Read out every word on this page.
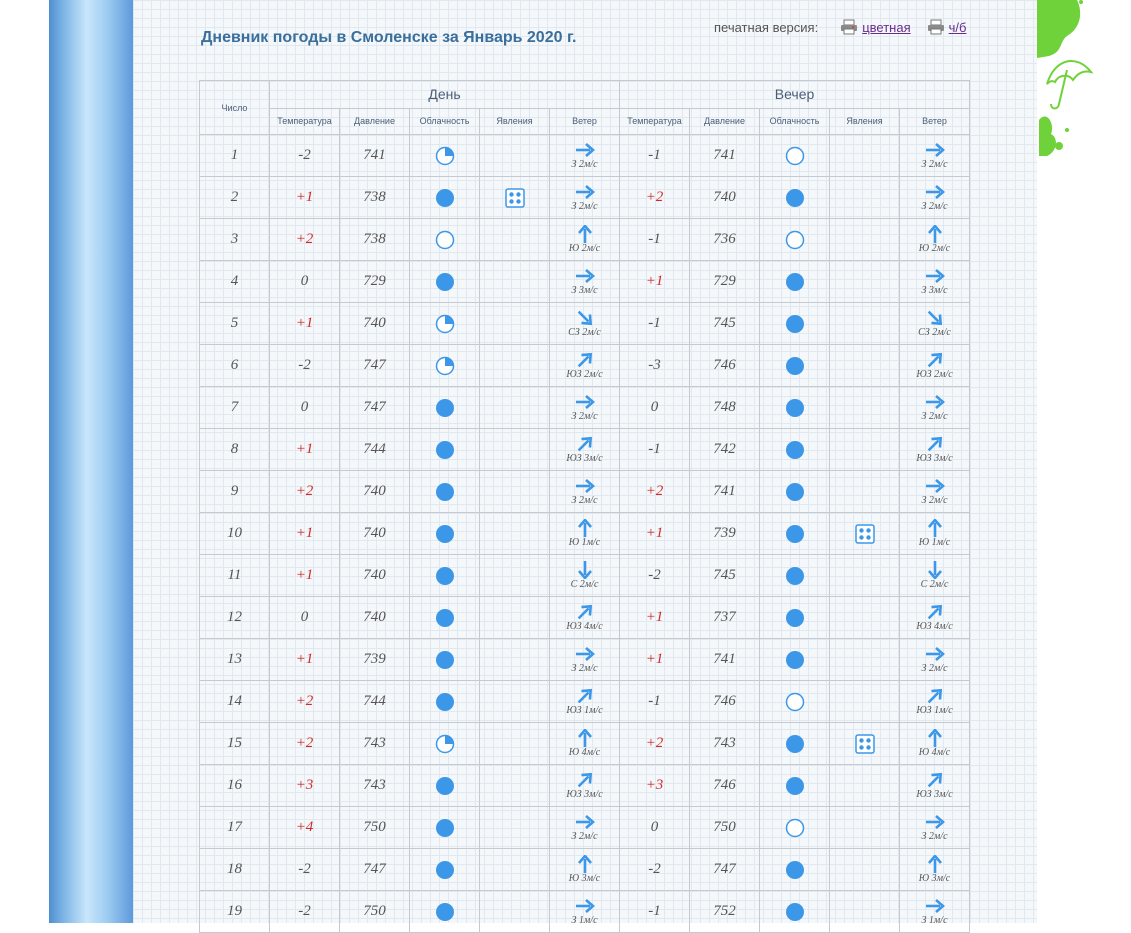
Дневник погоды в Смоленске за Январь 2020 г.
печатная версия:	цветная	ч/б
Число	День					Вечер				
	Температура	Давление	Облачность	Явления	Ветер	Температура	Давление	Облачность	Явления	Ветер
1	-2	741			З 2м/с	-1	741			З 2м/с

2	+1	738			З 2м/с	+2	740			З 2м/с

3	+2	738			Ю 2м/с	-1	736			Ю 2м/с

4	0	729			З 3м/с	+1	729			З 3м/с

5	+1	740			СЗ 2м/с	-1	745			СЗ 2м/с

6	-2	747			ЮЗ 2м/с	-3	746			ЮЗ 2м/с

7	0	747			З 2м/с	0	748			З 2м/с

8	+1	744			ЮЗ 3м/с	-1	742			ЮЗ 3м/с

9	+2	740			З 2м/с	+2	741			З 2м/с

10	+1	740			Ю 1м/с	+1	739			Ю 1м/с

11	+1	740			С 2м/с	-2	745			С 2м/с

12	0	740			ЮЗ 4м/с	+1	737			ЮЗ 4м/с

13	+1	739			З 2м/с	+1	741			З 2м/с

14	+2	744			ЮЗ 1м/с	-1	746			ЮЗ 1м/с

15	+2	743			Ю 4м/с	+2	743			Ю 4м/с

16	+3	743			ЮЗ 3м/с	+3	746			ЮЗ 3м/с

17	+4	750			З 2м/с	0	750			З 2м/с

18	-2	747			Ю 3м/с	-2	747			Ю 3м/с

19	-2	750			З 1м/с	-1	752			З 1м/с
